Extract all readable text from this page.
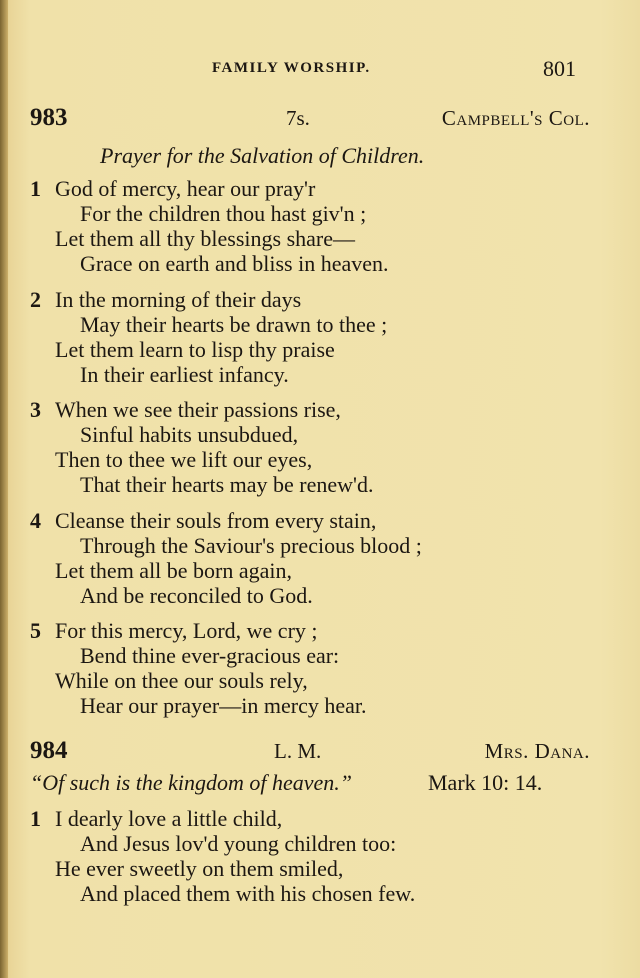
FAMILY WORSHIP.	801
983	7s.	Campbell's Col.
Prayer for the Salvation of Children.
1 God of mercy, hear our pray'r
For the children thou hast giv'n ;
Let them all thy blessings share—
Grace on earth and bliss in heaven.
2 In the morning of their days
May their hearts be drawn to thee ;
Let them learn to lisp thy praise
In their earliest infancy.
3 When we see their passions rise,
Sinful habits unsubdued,
Then to thee we lift our eyes,
That their hearts may be renew'd.
4 Cleanse their souls from every stain,
Through the Saviour's precious blood ;
Let them all be born again,
And be reconciled to God.
5 For this mercy, Lord, we cry ;
Bend thine ever-gracious ear:
While on thee our souls rely,
Hear our prayer—in mercy hear.
984	L. M.	Mrs. Dana.
“Of such is the kingdom of heaven.”	Mark 10: 14.
1 I dearly love a little child,
And Jesus lov'd young children too:
He ever sweetly on them smiled,
And placed them with his chosen few.
